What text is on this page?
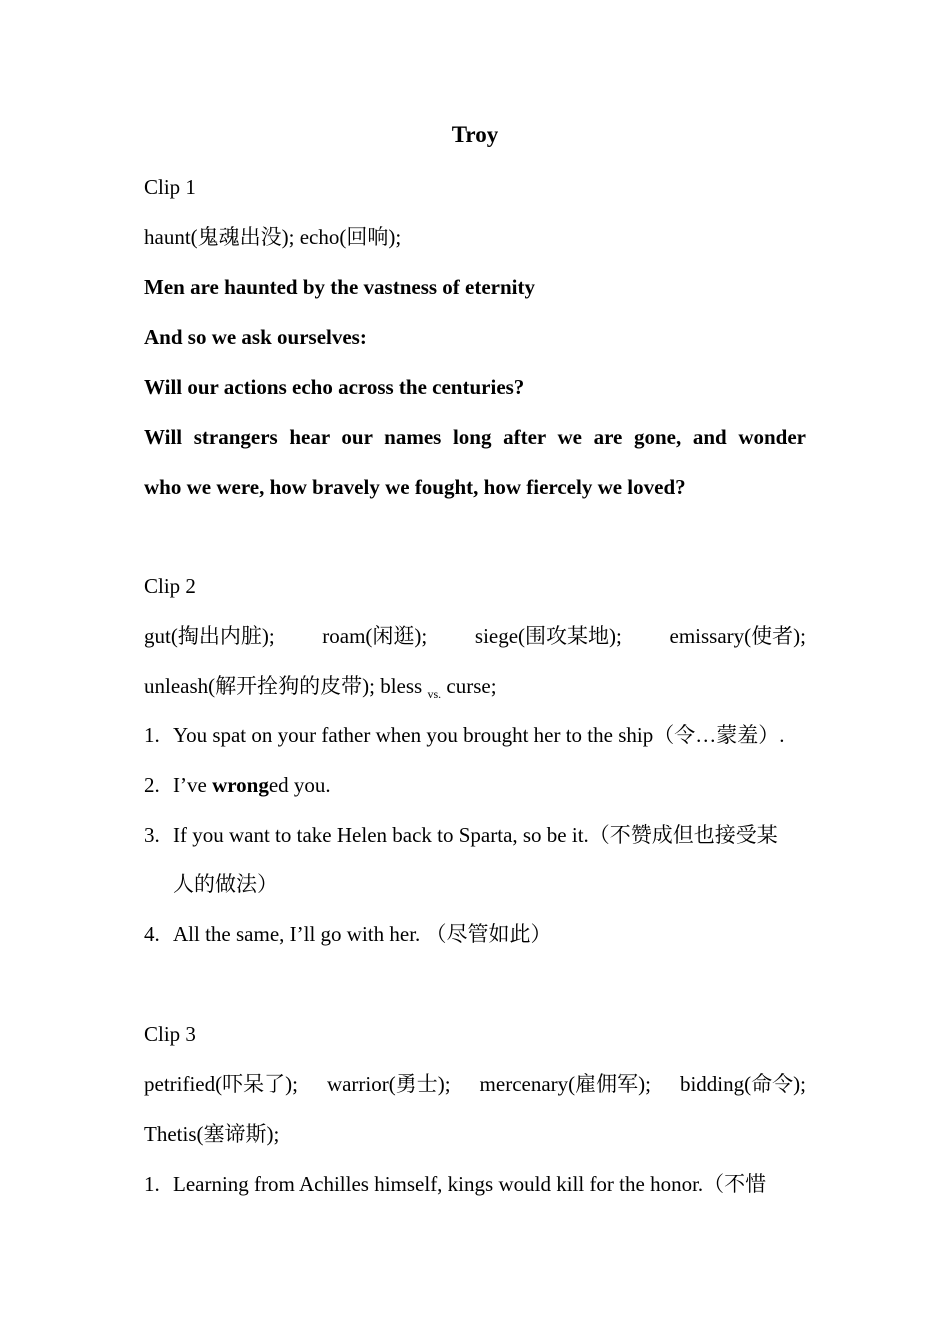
Troy
Clip 1
haunt(鬼魂出没); echo(回响);
Men are haunted by the vastness of eternity
And so we ask ourselves:
Will our actions echo across the centuries?
Will strangers hear our names long after we are gone, and wonder
who we were, how bravely we fought, how fiercely we loved?
Clip 2
gut(掏出内脏); roam(闲逛); siege(围攻某地); emissary(使者);
unleash(解开拴狗的皮带); bless $_{vs.}$ curse;
1. You spat on your father when you brought her to the ship（令…蒙羞）.
2. I’ve wronged you.
3. If you want to take Helen back to Sparta, so be it.（不赞成但也接受某
人的做法）
4. All the same, I’ll go with her. （尽管如此）
Clip 3
petrified(吓呆了); warrior(勇士); mercenary(雇佣军); bidding(命令);
Thetis(塞谛斯);
1. Learning from Achilles himself, kings would kill for the honor.（不惜
